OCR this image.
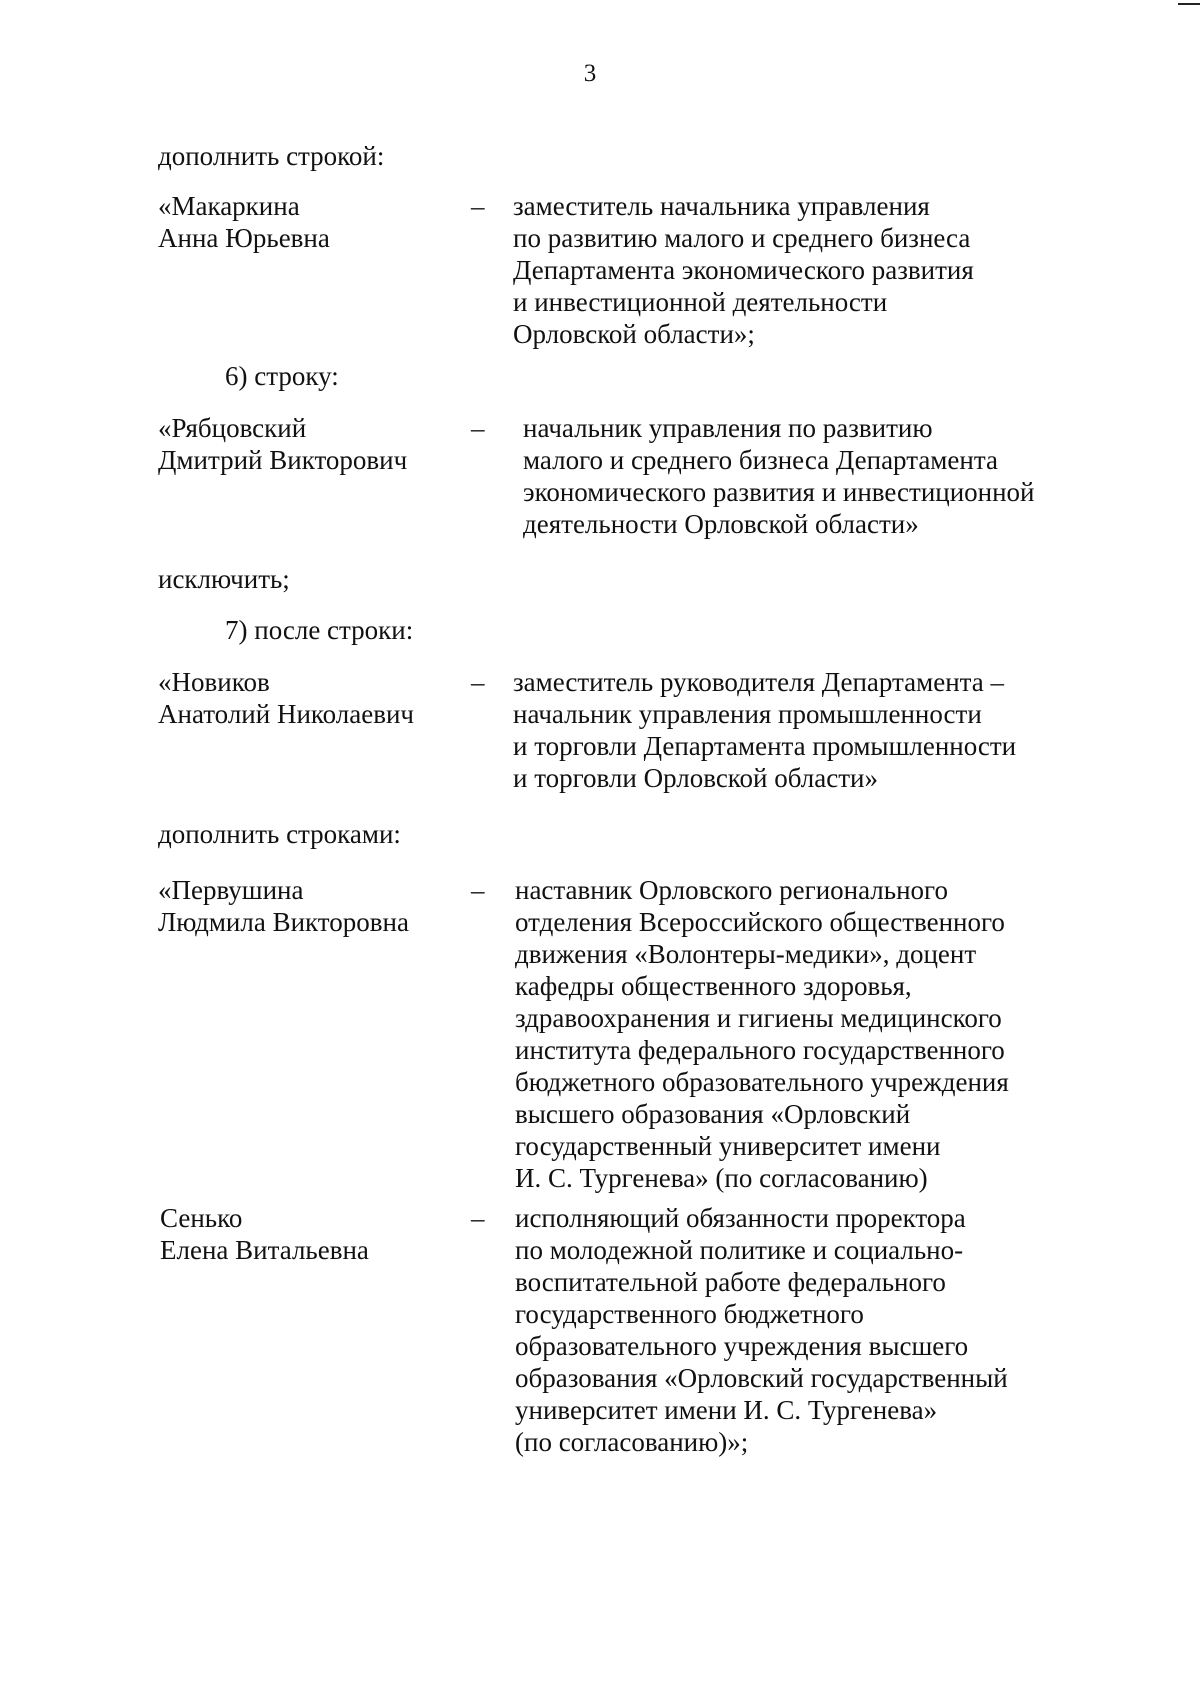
3
дополнить строкой:
«Макаркина
Анна Юрьевна
– заместитель начальника управления
по развитию малого и среднего бизнеса
Департамента экономического развития
и инвестиционной деятельности
Орловской области»;
6) строку:
«Рябцовский
Дмитрий Викторович
– начальник управления по развитию
малого и среднего бизнеса Департамента
экономического развития и инвестиционной
деятельности Орловской области»
исключить;
7) после строки:
«Новиков
Анатолий Николаевич
– заместитель руководителя Департамента –
начальник управления промышленности
и торговли Департамента промышленности
и торговли Орловской области»
дополнить строками:
«Первушина
Людмила Викторовна
– наставник Орловского регионального
отделения Всероссийского общественного
движения «Волонтеры-медики», доцент
кафедры общественного здоровья,
здравоохранения и гигиены медицинского
института федерального государственного
бюджетного образовательного учреждения
высшего образования «Орловский
государственный университет имени
И. С. Тургенева» (по согласованию)
Сенько
Елена Витальевна
– исполняющий обязанности проректора
по молодежной политике и социально-
воспитательной работе федерального
государственного бюджетного
образовательного учреждения высшего
образования «Орловский государственный
университет имени И. С. Тургенева»
(по согласованию)»;
